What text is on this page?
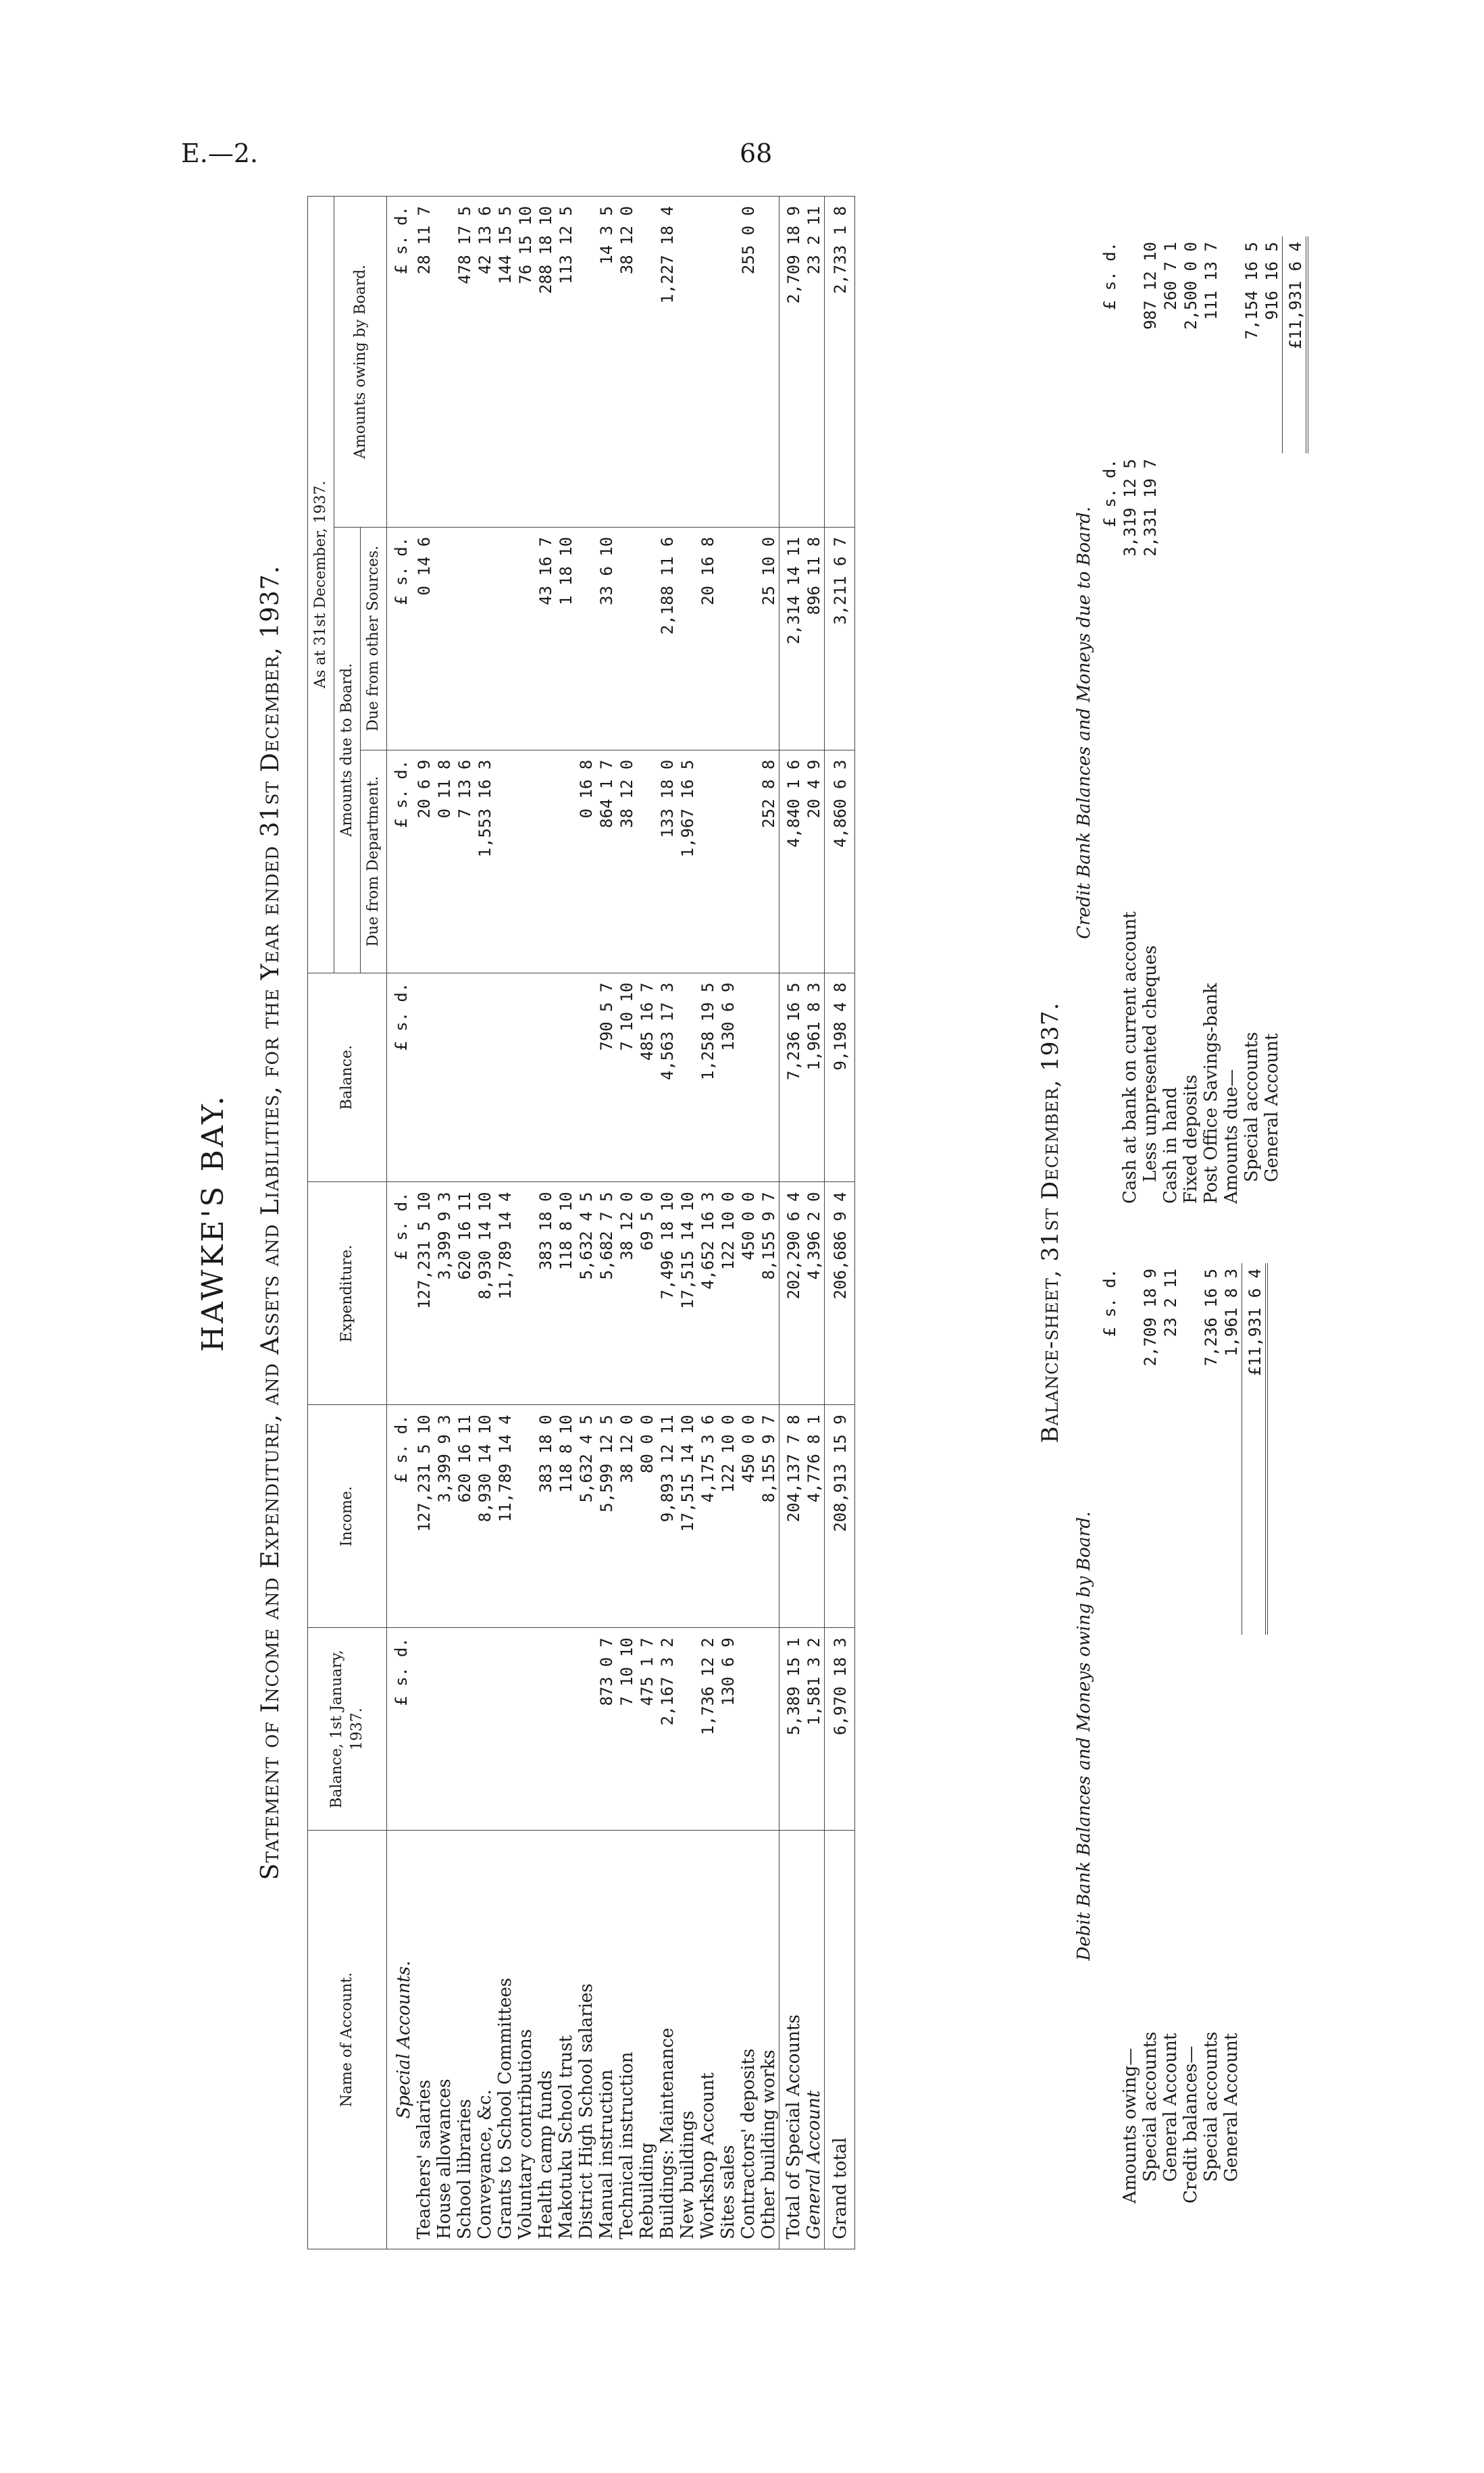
E.—2.	68
HAWKE'S BAY. Statement of Income and Expenditure, and Assets and Liabilities, for the Year ended 31st December, 1937.
Name of Account.	Balance, 1st January, 1937.	Income.	Expenditure.	Balance.	As at 31st December, 1937.		
					Amounts due to Board.		Amounts owing by Board.
					Due from Department.	Due from other Sources.	
Special Accounts.	£ s. d.	£ s. d.	£ s. d.	£ s. d.	£ s. d.	£ s. d.	£ s. d.
Teachers' salaries		127,231 5 10	127,231 5 10		20 6 9	0 14 6	28 11 7
House allowances		3,399 9 3	3,399 9 3		0 11 8		
School libraries		620 16 11	620 16 11		7 13 6		478 17 5
Conveyance, &c.		8,930 14 10	8,930 14 10		1,553 16 3		42 13 6
Grants to School Committees		11,789 14 4	11,789 14 4				144 15 5
Voluntary contributions							76 15 10
Health camp funds		383 18 0	383 18 0			43 16 7	288 18 10
Makotuku School trust		118 8 10	118 8 10			1 18 10	113 12 5
District High School salaries		5,632 4 5	5,632 4 5		0 16 8		
Manual instruction	873 0 7	5,599 12 5	5,682 7 5	790 5 7	864 1 7	33 6 10	14 3 5
Technical instruction	7 10 10	38 12 0	38 12 0	7 10 10	38 12 0		38 12 0
Rebuilding	475 1 7	80 0 0	69 5 0	485 16 7			
Buildings: Maintenance	2,167 3 2	9,893 12 11	7,496 18 10	4,563 17 3	133 18 0	2,188 11 6	1,227 18 4
New buildings		17,515 14 10	17,515 14 10		1,967 16 5		
Workshop Account	1,736 12 2	4,175 3 6	4,652 16 3	1,258 19 5		20 16 8	
Sites sales	130 6 9	122 10 0	122 10 0	130 6 9			
Contractors' deposits		450 0 0	450 0 0				255 0 0
Other building works		8,155 9 7	8,155 9 7		252 8 8	25 10 0	
Total of Special Accounts	5,389 15 1	204,137 7 8	202,290 6 4	7,236 16 5	4,840 1 6	2,314 14 11	2,709 18 9
General Account	1,581 3 2	4,776 8 1	4,396 2 0	1,961 8 3	20 4 9	896 11 8	23 2 11
Grand total	6,970 18 3	208,913 15 9	206,686 9 4	9,198 4 8	4,860 6 3	3,211 6 7	2,733 1 8
Balance-sheet, 31st December, 1937.
Debit Bank Balances and Moneys owing by Board.
	£ s. d.
Amounts owing—	
Special accounts	2,709 18 9
General Account	23 2 11
Credit balances—	
Special accounts	7,236 16 5
General Account	1,961 8 3
	£11,931 6 4
Credit Bank Balances and Moneys due to Board.
	£ s. d.	£ s. d.
Cash at bank on current account	3,319 12 5	
Less unpresented cheques	2,331 19 7	987 12 10
Cash in hand		260 7 1
Fixed deposits		2,500 0 0
Post Office Savings-bank		111 13 7
Amounts due—		
Special accounts		7,154 16 5
General Account		916 16 5
		£11,931 6 4
